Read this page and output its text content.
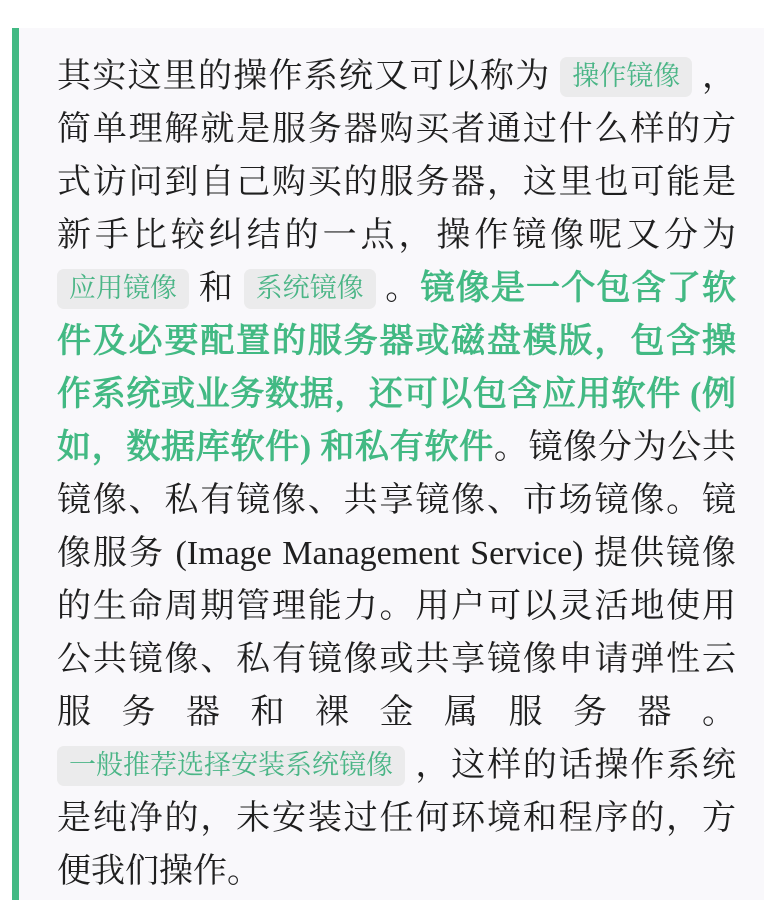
其实这里的操作系统又可以称为 操作镜像 ，简单理解就是服务器购买者通过什么样的方式访问到自己购买的服务器，这里也可能是新手比较纠结的一点，操作镜像呢又分为 应用镜像 和 系统镜像 。镜像是一个包含了软件及必要配置的服务器或磁盘模版，包含操作系统或业务数据，还可以包含应用软件 (例如，数据库软件) 和私有软件。镜像分为公共镜像、私有镜像、共享镜像、市场镜像。镜像服务 (Image Management Service) 提供镜像的生命周期管理能力。用户可以灵活地使用公共镜像、私有镜像或共享镜像申请弹性云服务器和裸金属服务器。 一般推荐选择安装系统镜像 ，这样的话操作系统是纯净的，未安装过任何环境和程序的，方便我们操作。
